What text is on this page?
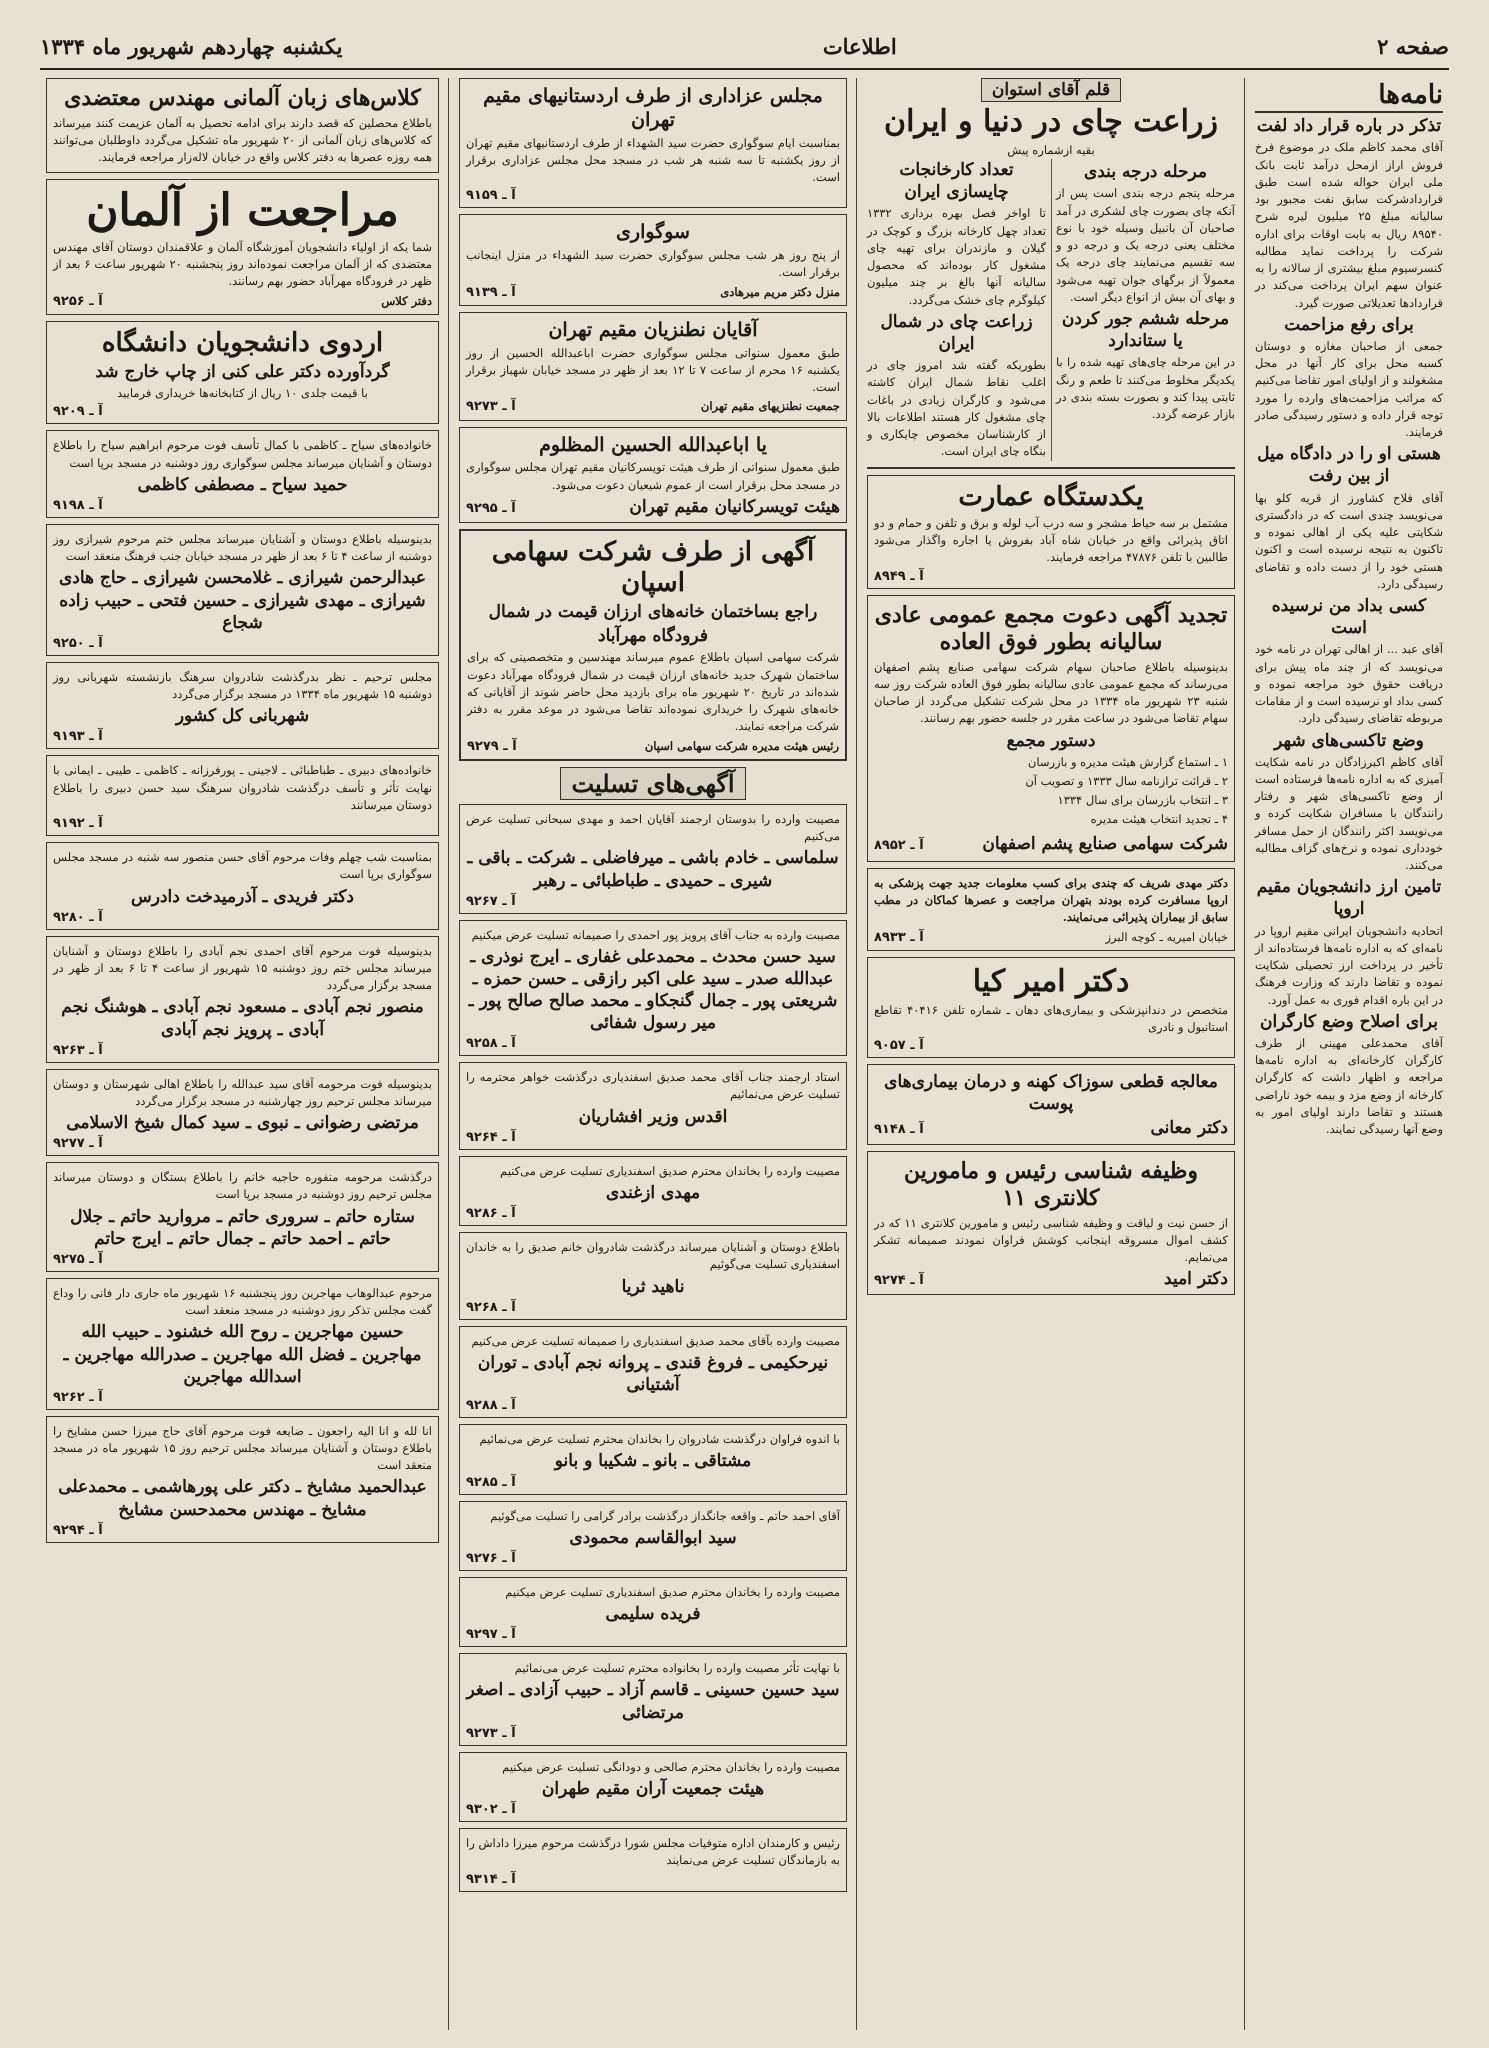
صفحه ۲
اطلاعات
یکشنبه چهاردهم شهریور ماه ۱۳۳۴
نامه‌ها
تذکر در باره قرار داد لفت

آقای محمد کاظم ملک در موضوع فرخ فروش اراز ازمحل درآمد ثابت بانک ملی ایران حواله شده است طبق قراردادشرکت سابق نفت مجبور بود سالیانه مبلغ ۲۵ میلیون لیره شرح ۸۹۵۴۰ ریال به بابت اوقات برای اداره شرکت را پرداخت نماید مطالبه کنسرسیوم مبلغ بیشتری از سالانه را به عنوان سهم ایران پرداخت می‌کند در قراردادها تعدیلاتی صورت گیرد.

برای رفع مزاحمت

جمعی از صاحبان مغازه و دوستان کسبه محل برای کار آنها در محل مشغولند و از اولیای امور تقاضا می‌کنیم که مراتب مزاحمت‌های وارده را مورد توجه قرار داده و دستور رسیدگی صادر فرمایند.

هستی او را در دادگاه میل از بین رفت

آقای فلاح کشاورز از قریه کلو بها می‌نویسد چندی است که در دادگستری شکایتی علیه یکی از اهالی نموده و تاکنون به نتیجه نرسیده است و اکنون هستی خود را از دست داده و تقاضای رسیدگی دارد.

کسی بداد من نرسیده است

آقای عبد ... از اهالی تهران در نامه خود می‌نویسد که از چند ماه پیش برای دریافت حقوق خود مراجعه نموده و کسی بداد او نرسیده است و از مقامات مربوطه تقاضای رسیدگی دارد.

وضع تاکسی‌های شهر

آقای کاظم اکبرزادگان در نامه شکایت آمیزی که به اداره نامه‌ها فرستاده است از وضع تاکسی‌های شهر و رفتار رانندگان با مسافران شکایت کرده و می‌نویسد اکثر رانندگان از حمل مسافر خودداری نموده و نرخ‌های گزاف مطالبه می‌کنند.

تامین ارز دانشجویان مقیم اروپا

اتحادیه دانشجویان ایرانی مقیم اروپا در نامه‌ای که به اداره نامه‌ها فرستاده‌اند از تأخیر در پرداخت ارز تحصیلی شکایت نموده و تقاضا دارند که وزارت فرهنگ در این باره اقدام فوری به عمل آورد.

برای اصلاح وضع کارگران

آقای محمدعلی مهینی از طرف کارگران کارخانه‌ای به اداره نامه‌ها مراجعه و اظهار داشت که کارگران کارخانه از وضع مزد و بیمه خود ناراضی هستند و تقاضا دارند اولیای امور به وضع آنها رسیدگی نمایند.

قلم آقای استوان
زراعت چای در دنیا و ایران
بقیه ازشماره پیش
مرحله درجه بندی

مرحله پنجم درجه بندی است پس از آنکه چای بصورت چای لشکری در آمد صاحبان آن بانبیل وسیله خود با نوع مختلف یعنی درجه یک و درجه دو و سه تقسیم می‌نمایند چای درجه یک معمولاً از برگهای جوان تهیه می‌شود و بهای آن بیش از انواع دیگر است.

مرحله ششم جور کردن یا ستاندارد

در این مرحله چای‌های تهیه شده را با یکدیگر مخلوط می‌کنند تا طعم و رنگ ثابتی پیدا کند و بصورت بسته بندی در بازار عرضه گردد.

تعداد کارخانجات چایسازی ایران

تا اواخر فصل بهره برداری ۱۳۳۲ تعداد چهل کارخانه بزرگ و کوچک در گیلان و مازندران برای تهیه چای مشغول کار بوده‌اند که محصول سالیانه آنها بالغ بر چند میلیون کیلوگرم چای خشک می‌گردد.

زراعت چای در شمال ایران

بطوریکه گفته شد امروز چای در اغلب نقاط شمال ایران کاشته می‌شود و کارگران زیادی در باغات چای مشغول کار هستند اطلاعات بالا از کارشناسان مخصوص چایکاری و بنگاه چای ایران است.

یکدستگاه عمارت

مشتمل بر سه حیاط مشجر و سه درب آب لوله و برق و تلفن و حمام و دو اتاق پذیرائی واقع در خیابان شاه آباد بفروش یا اجاره واگذار می‌شود طالبین با تلفن ۴۷۸۷۶ مراجعه فرمایند.

آ ـ ۸۹۴۹
تجدید آگهی دعوت مجمع عمومی عادی سالیانه بطور فوق العاده

بدینوسیله باطلاع صاحبان سهام شرکت سهامی صنایع پشم اصفهان می‌رساند که مجمع عمومی عادی سالیانه بطور فوق العاده شرکت روز سه شنبه ۲۳ شهریور ماه ۱۳۳۴ در محل شرکت تشکیل می‌گردد از صاحبان سهام تقاضا می‌شود در ساعت مقرر در جلسه حضور بهم رسانند.

دستور مجمع

۱ ـ استماع گزارش هیئت مدیره و بازرسان

۲ ـ قرائت ترازنامه سال ۱۳۳۳ و تصویب آن

۳ ـ انتخاب بازرسان برای سال ۱۳۳۴

۴ ـ تجدید انتخاب هیئت مدیره

شرکت سهامی صنایع پشم اصفهان
آ ـ ۸۹۵۲

دکتر مهدی شریف که چندی برای کسب معلومات جدید جهت پزشکی به اروپا مسافرت کرده بودند بتهران مراجعت و عصرها کماکان در مطب سابق از بیماران پذیرائی می‌نمایند.

خیابان امیریه ـ کوچه البرز
آ ـ ۸۹۳۳
دکتر امیر کیا

متخصص در دندانپزشکی و بیماری‌های دهان ـ شماره تلفن ۴۰۴۱۶ تقاطع استانبول و نادری

آ ـ ۹۰۵۷
معالجه قطعی سوزاک کهنه و درمان بیماری‌های پوست
دکتر معانی
آ ـ ۹۱۴۸
وظیفه شناسی رئیس و مامورین کلانتری ۱۱

از حسن نیت و لیاقت و وظیفه شناسی رئیس و مامورین کلانتری ۱۱ که در کشف اموال مسروقه اینجانب کوشش فراوان نمودند صمیمانه تشکر می‌نمایم.

دکتر امید
آ ـ ۹۲۷۴
مجلس عزاداری از طرف اردستانیهای مقیم تهران

بمناسبت ایام سوگواری حضرت سید الشهداء از طرف اردستانیهای مقیم تهران از روز یکشنبه تا سه شنبه هر شب در مسجد محل مجلس عزاداری برقرار است.

آ ـ ۹۱۵۹
سوگواری

از پنج روز هر شب مجلس سوگواری حضرت سید الشهداء در منزل اینجانب برقرار است.

منزل دکتر مریم میرهادی
آ ـ ۹۱۳۹
آقایان نطنزیان مقیم تهران

طبق معمول سنواتی مجلس سوگواری حضرت اباعبدالله الحسین از روز یکشنبه ۱۶ محرم از ساعت ۷ تا ۱۲ بعد از ظهر در مسجد خیابان شهباز برقرار است.

جمعیت نطنزیهای مقیم تهران
آ ـ ۹۲۷۳
یا اباعبدالله الحسین المظلوم

طبق معمول سنواتی از طرف هیئت تویسرکانیان مقیم تهران مجلس سوگواری در مسجد محل برقرار است از عموم شیعیان دعوت می‌شود.

هیئت تویسرکانیان مقیم تهران
آ ـ ۹۲۹۵
آگهی از طرف شرکت سهامی اسپان
راجع بساختمان خانه‌های ارزان قیمت در شمال
فرودگاه مهرآباد

شرکت سهامی اسپان باطلاع عموم میرساند مهندسین و متخصصینی که برای ساختمان شهرک جدید خانه‌های ارزان قیمت در شمال فرودگاه مهرآباد دعوت شده‌اند در تاریخ ۲۰ شهریور ماه برای بازدید محل حاضر شوند از آقایانی که خانه‌های شهرک را خریداری نموده‌اند تقاضا می‌شود در موعد مقرر به دفتر شرکت مراجعه نمایند.

رئیس هیئت مدیره شرکت سهامی اسپان
آ ـ ۹۲۷۹
آگهی‌های تسلیت

مصیبت وارده را بدوستان ارجمند آقایان احمد و مهدی سبحانی تسلیت عرض می‌کنیم

سلماسی ـ خادم باشی ـ میرفاضلی ـ شرکت ـ باقی ـ شیری ـ حمیدی ـ طباطبائی ـ رهبر
آ ـ ۹۲۶۷

مصیبت وارده به جناب آقای پرویز پور احمدی را صمیمانه تسلیت عرض میکنیم

سید حسن محدث ـ محمدعلی غفاری ـ ایرج نوذری ـ عبدالله صدر ـ سید علی اکبر رازقی ـ حسن حمزه ـ شریعتی پور ـ جمال گنجکاو ـ محمد صالح صالح پور ـ میر رسول شفائی
آ ـ ۹۲۵۸

استاد ارجمند جناب آقای محمد صدیق اسفندیاری درگذشت خواهر محترمه را تسلیت عرض می‌نمائیم

اقدس وزیر افشاریان
آ ـ ۹۲۶۴

مصیبت وارده را بخاندان محترم صدیق اسفندیاری تسلیت عرض می‌کنیم

مهدی ازغندی
آ ـ ۹۲۸۶

باطلاع دوستان و آشنایان میرساند درگذشت شادروان خانم صدیق را به خاندان اسفندیاری تسلیت می‌گوئیم

ناهید ثریا
آ ـ ۹۲۶۸

مصیبت وارده بآقای محمد صدیق اسفندیاری را صمیمانه تسلیت عرض می‌کنیم

نیرحکیمی ـ فروغ قندی ـ پروانه نجم آبادی ـ توران آشتیانی
آ ـ ۹۲۸۸

با اندوه فراوان درگذشت شادروان را بخاندان محترم تسلیت عرض می‌نمائیم

مشتاقی ـ بانو ـ شکیبا و بانو
آ ـ ۹۲۸۵

آقای احمد حاتم ـ واقعه جانگداز درگذشت برادر گرامی را تسلیت می‌گوئیم

سید ابوالقاسم محمودی
آ ـ ۹۲۷۶

مصیبت وارده را بخاندان محترم صدیق اسفندیاری تسلیت عرض میکنیم

فریده سلیمی
آ ـ ۹۲۹۷

با نهایت تأثر مصیبت وارده را بخانواده محترم تسلیت عرض می‌نمائیم

سید حسین حسینی ـ قاسم آزاد ـ حبیب آزادی ـ اصغر مرتضائی
آ ـ ۹۲۷۳

مصیبت وارده را بخاندان محترم صالحی و دودانگی تسلیت عرض میکنیم

هیئت جمعیت آران مقیم طهران
آ ـ ۹۳۰۲

رئیس و کارمندان اداره متوفیات مجلس شورا درگذشت مرحوم میرزا داداش را به بازماندگان تسلیت عرض می‌نمایند

آ ـ ۹۳۱۴
کلاس‌های زبان آلمانی مهندس معتضدی

باطلاع محصلین که قصد دارند برای ادامه تحصیل به آلمان عزیمت کنند میرساند که کلاس‌های زبان آلمانی از ۲۰ شهریور ماه تشکیل می‌گردد داوطلبان می‌توانند همه روزه عصرها به دفتر کلاس واقع در خیابان لاله‌زار مراجعه فرمایند.

مراجعت از آلمان

شما یکه از اولیاء دانشجویان آموزشگاه آلمان و علاقمندان دوستان آقای مهندس معتضدی که از آلمان مراجعت نموده‌اند روز پنجشنبه ۲۰ شهریور ساعت ۶ بعد از ظهر در فرودگاه مهرآباد حضور بهم رسانند.

دفتر کلاس
آ ـ ۹۲۵۶
اردوی دانشجویان دانشگاه
گردآورده دکتر علی کنی از چاپ خارج شد

با قیمت جلدی ۱۰ ریال از کتابخانه‌ها خریداری فرمایید

آ ـ ۹۲۰۹

خانواده‌های سیاح ـ کاظمی با کمال تأسف فوت مرحوم ابراهیم سیاح را باطلاع دوستان و آشنایان میرساند مجلس سوگواری روز دوشنبه در مسجد برپا است

حمید سیاح ـ مصطفی کاظمی
آ ـ ۹۱۹۸

بدینوسیله باطلاع دوستان و آشنایان میرساند مجلس ختم مرحوم شیرازی روز دوشنبه از ساعت ۴ تا ۶ بعد از ظهر در مسجد خیابان جنب فرهنگ منعقد است

عبدالرحمن شیرازی ـ غلامحسن شیرازی ـ حاج هادی شیرازی ـ مهدی شیرازی ـ حسین فتحی ـ حبیب زاده شجاع
آ ـ ۹۲۵۰

مجلس ترحیم ـ نظر بدرگذشت شادروان سرهنگ بازنشسته شهربانی روز دوشنبه ۱۵ شهریور ماه ۱۳۳۴ در مسجد برگزار می‌گردد

شهربانی کل کشور
آ ـ ۹۱۹۳

خانواده‌های دبیری ـ طباطبائی ـ لاجینی ـ پورفرزانه ـ کاظمی ـ طیبی ـ ایمانی با نهایت تأثر و تأسف درگذشت شادروان سرهنگ سید حسن دبیری را باطلاع دوستان میرسانند

آ ـ ۹۱۹۲

بمناسبت شب چهلم وفات مرحوم آقای حسن منصور سه شنبه در مسجد مجلس سوگواری برپا است

دکتر فریدی ـ آذرمیدخت دادرس
آ ـ ۹۲۸۰

بدینوسیله فوت مرحوم آقای احمدی نجم آبادی را باطلاع دوستان و آشنایان میرساند مجلس ختم روز دوشنبه ۱۵ شهریور از ساعت ۴ تا ۶ بعد از ظهر در مسجد برگزار می‌گردد

منصور نجم آبادی ـ مسعود نجم آبادی ـ هوشنگ نجم آبادی ـ پرویز نجم آبادی
آ ـ ۹۲۶۳

بدینوسیله فوت مرحومه آقای سید عبدالله را باطلاع اهالی شهرستان و دوستان میرساند مجلس ترحیم روز چهارشنبه در مسجد برگزار می‌گردد

مرتضی رضوانی ـ نبوی ـ سید کمال شیخ الاسلامی
آ ـ ۹۲۷۷

درگذشت مرحومه منفوره حاجیه خانم را باطلاع بستگان و دوستان میرساند مجلس ترحیم روز دوشنبه در مسجد برپا است

ستاره حاتم ـ سروری حاتم ـ مروارید حاتم ـ جلال حاتم ـ احمد حاتم ـ جمال حاتم ـ ایرج حاتم
آ ـ ۹۲۷۵

مرحوم عبدالوهاب مهاجرین روز پنجشنبه ۱۶ شهریور ماه جاری دار فانی را وداع گفت مجلس تذکر روز دوشنبه در مسجد منعقد است

حسین مهاجرین ـ روح الله خشنود ـ حبیب الله مهاجرین ـ فضل الله مهاجرین ـ صدرالله مهاجرین ـ اسدالله مهاجرین
آ ـ ۹۲۶۲

انا لله و انا الیه راجعون ـ ضایعه فوت مرحوم آقای حاج میرزا حسن مشایخ را باطلاع دوستان و آشنایان میرساند مجلس ترحیم روز ۱۵ شهریور ماه در مسجد منعقد است

عبدالحمید مشایخ ـ دکتر علی پورهاشمی ـ محمدعلی مشایخ ـ مهندس محمدحسن مشایخ
آ ـ ۹۲۹۴
